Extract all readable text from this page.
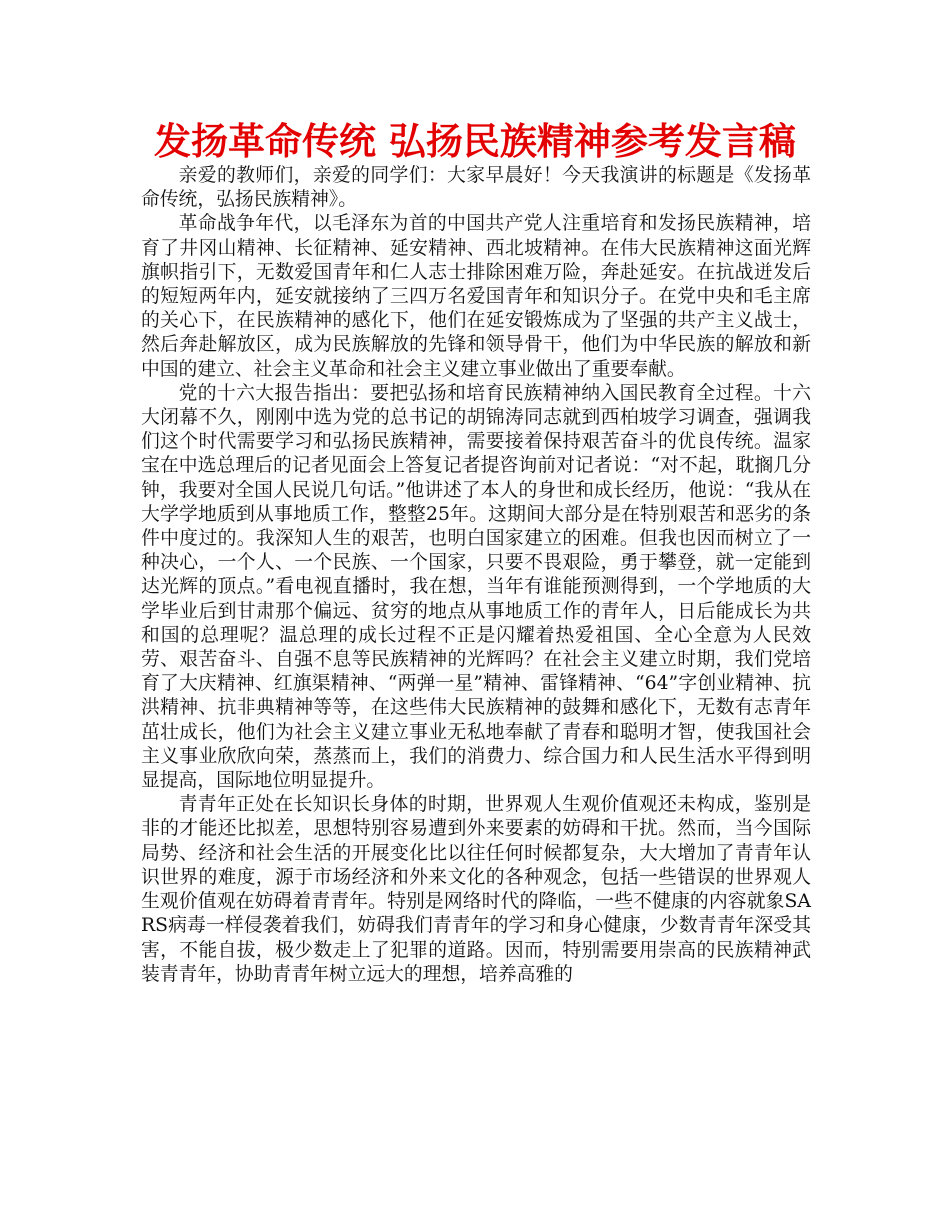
发扬革命传统 弘扬民族精神参考发言稿

亲爱的教师们，亲爱的同学们：大家早晨好！今天我演讲的标题是《发扬革命传统，弘扬民族精神》。

革命战争年代，以毛泽东为首的中国共产党人注重培育和发扬民族精神，培育了井冈山精神、长征精神、延安精神、西北坡精神。在伟大民族精神这面光辉旗帜指引下，无数爱国青年和仁人志士排除困难万险，奔赴延安。在抗战迸发后的短短两年内，延安就接纳了三四万名爱国青年和知识分子。在党中央和毛主席的关心下，在民族精神的感化下，他们在延安锻炼成为了坚强的共产主义战士，然后奔赴解放区，成为民族解放的先锋和领导骨干，他们为中华民族的解放和新中国的建立、社会主义革命和社会主义建立事业做出了重要奉献。

党的十六大报告指出：要把弘扬和培育民族精神纳入国民教育全过程。十六大闭幕不久，刚刚中选为党的总书记的胡锦涛同志就到西柏坡学习调查，强调我们这个时代需要学习和弘扬民族精神，需要接着保持艰苦奋斗的优良传统。温家宝在中选总理后的记者见面会上答复记者提咨询前对记者说：“对不起，耽搁几分钟，我要对全国人民说几句话。”他讲述了本人的身世和成长经历，他说：“我从在大学学地质到从事地质工作，整整25年。这期间大部分是在特别艰苦和恶劣的条件中度过的。我深知人生的艰苦，也明白国家建立的困难。但我也因而树立了一种决心，一个人、一个民族、一个国家，只要不畏艰险，勇于攀登，就一定能到达光辉的顶点。”看电视直播时，我在想，当年有谁能预测得到，一个学地质的大学毕业后到甘肃那个偏远、贫穷的地点从事地质工作的青年人，日后能成长为共和国的总理呢？温总理的成长过程不正是闪耀着热爱祖国、全心全意为人民效劳、艰苦奋斗、自强不息等民族精神的光辉吗？在社会主义建立时期，我们党培育了大庆精神、红旗渠精神、“两弹一星”精神、雷锋精神、“64”字创业精神、抗洪精神、抗非典精神等等，在这些伟大民族精神的鼓舞和感化下，无数有志青年茁壮成长，他们为社会主义建立事业无私地奉献了青春和聪明才智，使我国社会主义事业欣欣向荣，蒸蒸而上，我们的消费力、综合国力和人民生活水平得到明显提高，国际地位明显提升。

青青年正处在长知识长身体的时期，世界观人生观价值观还未构成，鉴别是非的才能还比拟差，思想特别容易遭到外来要素的妨碍和干扰。然而，当今国际局势、经济和社会生活的开展变化比以往任何时候都复杂，大大增加了青青年认识世界的难度，源于市场经济和外来文化的各种观念，包括一些错误的世界观人生观价值观在妨碍着青青年。特别是网络时代的降临，一些不健康的内容就象SARS病毒一样侵袭着我们，妨碍我们青青年的学习和身心健康，少数青青年深受其害，不能自拔，极少数走上了犯罪的道路。因而，特别需要用崇高的民族精神武装青青年，协助青青年树立远大的理想，培养高雅的
